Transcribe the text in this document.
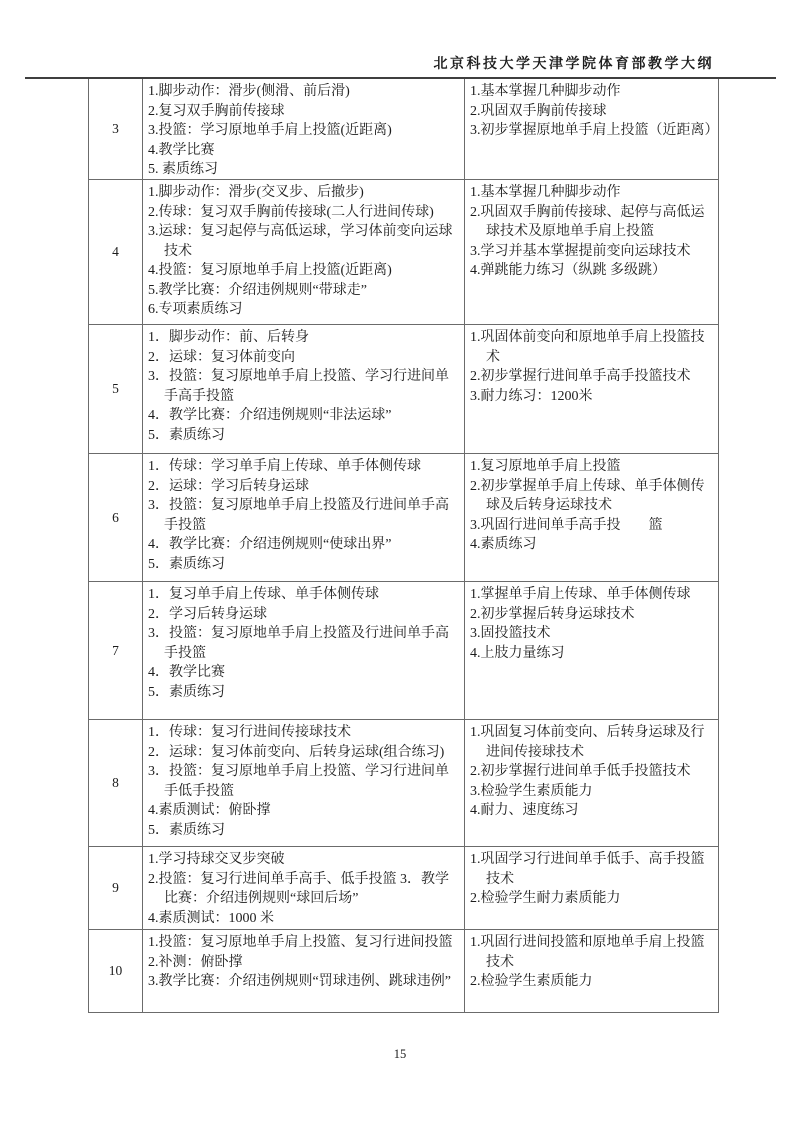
北京科技大学天津学院体育部教学大纲
3
1.脚步动作：滑步(侧滑、前后滑)
2.复习双手胸前传接球
3.投篮：学习原地单手肩上投篮(近距离)
4.教学比赛
5. 素质练习
1.基本掌握几种脚步动作
2.巩固双手胸前传接球
3.初步掌握原地单手肩上投篮（近距离）
4
1.脚步动作：滑步(交叉步、后撤步)
2.传球：复习双手胸前传接球(二人行进间传球)
3.运球：复习起停与高低运球，学习体前变向运球技术
4.投篮：复习原地单手肩上投篮(近距离)
5.教学比赛：介绍违例规则“带球走”
6.专项素质练习
1.基本掌握几种脚步动作
2.巩固双手胸前传接球、起停与高低运球技术及原地单手肩上投篮
3.学习并基本掌握提前变向运球技术
4.弹跳能力练习（纵跳 多级跳）
5
1．脚步动作：前、后转身
2．运球：复习体前变向
3．投篮：复习原地单手肩上投篮、学习行进间单手高手投篮
4．教学比赛：介绍违例规则“非法运球”
5．素质练习
1.巩固体前变向和原地单手肩上投篮技术
2.初步掌握行进间单手高手投篮技术
3.耐力练习：1200米
6
1．传球：学习单手肩上传球、单手体侧传球
2．运球：学习后转身运球
3．投篮：复习原地单手肩上投篮及行进间单手高手投篮
4．教学比赛：介绍违例规则“使球出界”
5．素质练习
1.复习原地单手肩上投篮
2.初步掌握单手肩上传球、单手体侧传球及后转身运球技术
3.巩固行进间单手高手投　　篮
4.素质练习
7
1．复习单手肩上传球、单手体侧传球
2．学习后转身运球
3．投篮：复习原地单手肩上投篮及行进间单手高手投篮
4．教学比赛
5．素质练习
1.掌握单手肩上传球、单手体侧传球
2.初步掌握后转身运球技术
3.固投篮技术
4.上肢力量练习
8
1．传球：复习行进间传接球技术
2．运球：复习体前变向、后转身运球(组合练习)
3．投篮：复习原地单手肩上投篮、学习行进间单手低手投篮
4.素质测试：俯卧撑
5．素质练习
1.巩固复习体前变向、后转身运球及行进间传接球技术
2.初步掌握行进间单手低手投篮技术
3.检验学生素质能力
4.耐力、速度练习
9
1.学习持球交叉步突破
2.投篮：复习行进间单手高手、低手投篮 3．教学比赛：介绍违例规则“球回后场”
4.素质测试：1000 米
1.巩固学习行进间单手低手、高手投篮技术
2.检验学生耐力素质能力
10
1.投篮：复习原地单手肩上投篮、复习行进间投篮
2.补测：俯卧撑
3.教学比赛：介绍违例规则“罚球违例、跳球违例”
1.巩固行进间投篮和原地单手肩上投篮技术
2.检验学生素质能力
15
